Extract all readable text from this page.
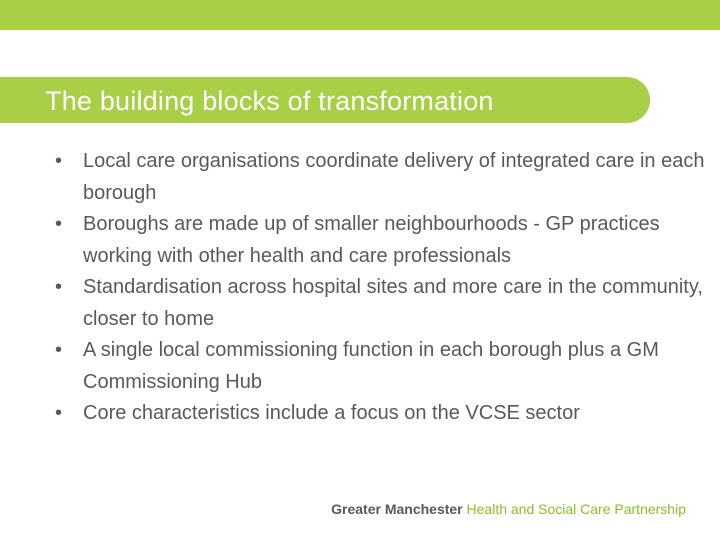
The building blocks of transformation
• Local care organisations coordinate delivery of integrated care in each borough
• Boroughs are made up of smaller neighbourhoods - GP practices working with other health and care professionals
• Standardisation across hospital sites and more care in the community, closer to home
• A single local commissioning function in each borough plus a GM Commissioning Hub
• Core characteristics include a focus on the VCSE sector
Greater Manchester Health and Social Care Partnership
